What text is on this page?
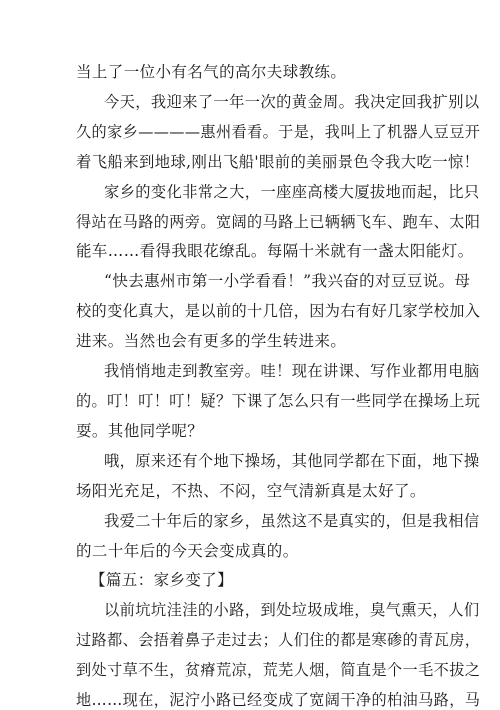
当上了一位小有名气的高尔夫球教练。

今天，我迎来了一年一次的黄金周。我决定回我扩别以

久的家乡————惠州看看。于是，我叫上了机器人豆豆开

着飞船来到地球,刚出飞船'眼前的美丽景色令我大吃一惊！

家乡的变化非常之大，一座座高楼大厦拔地而起，比只

得站在马路的两旁。宽阔的马路上已辆辆飞车、跑车、太阳

能车……看得我眼花缭乱。每隔十米就有一盏太阳能灯。

“快去惠州市第一小学看看！”我兴奋的对豆豆说。母

校的变化真大，是以前的十几倍，因为右有好几家学校加入

进来。当然也会有更多的学生转进来。

我悄悄地走到教室旁。哇！现在讲课、写作业都用电脑

的。叮！叮！叮！疑？下课了怎么只有一些同学在操场上玩

耍。其他同学呢？

哦，原来还有个地下操场，其他同学都在下面，地下操

场阳光充足，不热、不闷，空气清新真是太好了。

我爱二十年后的家乡，虽然这不是真实的，但是我相信

的二十年后的今天会变成真的。

【篇五：家乡变了】

以前坑坑洼洼的小路，到处垃圾成堆，臭气熏天，人们

过路都、会捂着鼻子走过去；人们住的都是寒碜的青瓦房，

到处寸草不生，贫瘠荒凉，荒芜人烟，简直是个一毛不拔之

地……现在，泥泞小路已经变成了宽阔干净的柏油马路，马
